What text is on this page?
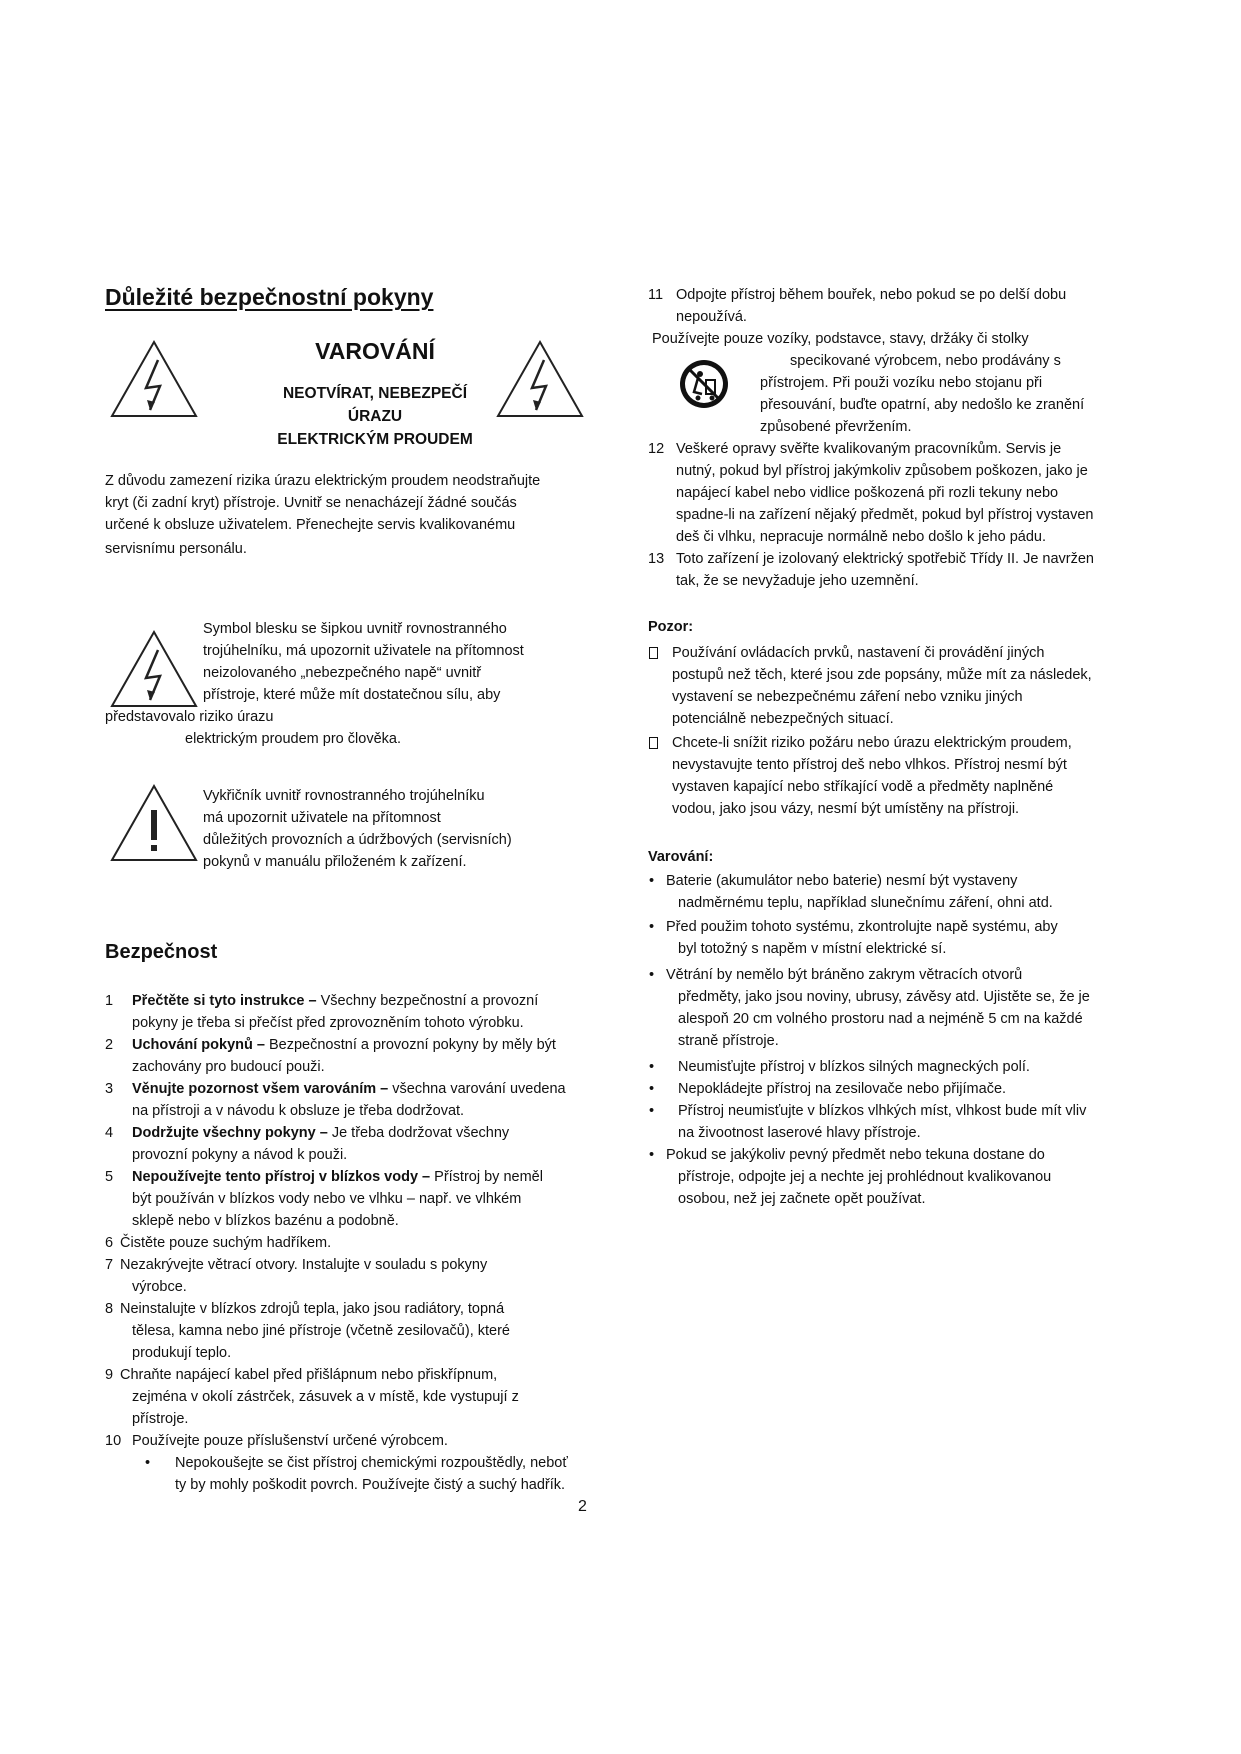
Důležité bezpečnostní pokyny
VAROVÁNÍ
NEOTVÍRAT, NEBEZPEČÍ
ÚRAZU
ELEKTRICKÝM PROUDEM
Z důvodu zamezení rizika úrazu elektrickým proudem neodstraňujte
kryt (či zadní kryt) přístroje. Uvnitř se nenacházejí žádné součás
určené k obsluze uživatelem. Přenechejte servis kvalikovanému
servisnímu personálu.
Symbol blesku se šipkou uvnitř rovnostranného
trojúhelníku, má upozornit uživatele na přítomnost
neizolovaného „nebezpečného napě“ uvnitř
přístroje, které může mít dostatečnou sílu, aby
představovalo riziko úrazu
elektrickým proudem pro člověka.
Vykřičník uvnitř rovnostranného trojúhelníku
má upozornit uživatele na přítomnost
důležitých provozních a údržbových (servisních)
pokynů v manuálu přiloženém k zařízení.
Bezpečnost
1 Přečtěte si tyto instrukce – Všechny bezpečnostní a provozní
pokyny je třeba si přečíst před zprovozněním tohoto výrobku.
2 Uchování pokynů – Bezpečnostní a provozní pokyny by měly být
zachovány pro budoucí použi.
3 Věnujte pozornost všem varováním – všechna varování uvedena
na přístroji a v návodu k obsluze je třeba dodržovat.
4 Dodržujte všechny pokyny – Je třeba dodržovat všechny
provozní pokyny a návod k použi.
5 Nepoužívejte tento přístroj v blízkos vody – Přístroj by neměl
být používán v blízkos vody nebo ve vlhku – např. ve vlhkém
sklepě nebo v blízkos bazénu a podobně.
6 Čistěte pouze suchým hadříkem.
7 Nezakrývejte větrací otvory. Instalujte v souladu s pokyny
výrobce.
8 Neinstalujte v blízkos zdrojů tepla, jako jsou radiátory, topná
tělesa, kamna nebo jiné přístroje (včetně zesilovačů), které
produkují teplo.
9 Chraňte napájecí kabel před přišlápnum nebo přiskřípnum,
zejména v okolí zástrček, zásuvek a v místě, kde vystupují z
přístroje.
10 Používejte pouze příslušenství určené výrobcem.
• Nepokoušejte se čist přístroj chemickými rozpouštědly, neboť
ty by mohly poškodit povrch. Používejte čistý a suchý hadřík.
2
11 Odpojte přístroj během bouřek, nebo pokud se po delší dobu
nepoužívá.
Používejte pouze vozíky, podstavce, stavy, držáky či stolky
specikované výrobcem, nebo prodávány s
přístrojem. Při použi vozíku nebo stojanu při
přesouvání, buďte opatrní, aby nedošlo ke zranění
způsobené převržením.
12 Veškeré opravy svěřte kvalikovaným pracovníkům. Servis je
nutný, pokud byl přístroj jakýmkoliv způsobem poškozen, jako je
napájecí kabel nebo vidlice poškozená při rozli tekuny nebo
spadne-li na zařízení nějaký předmět, pokud byl přístroj vystaven
deš či vlhku, nepracuje normálně nebo došlo k jeho pádu.
13 Toto zařízení je izolovaný elektrický spotřebič Třídy II. Je navržen
tak, že se nevyžaduje jeho uzemnění.
Pozor:
Používání ovládacích prvků, nastavení či provádění jiných
postupů než těch, které jsou zde popsány, může mít za následek,
vystavení se nebezpečnému záření nebo vzniku jiných
potenciálně nebezpečných situací.
Chcete-li snížit riziko požáru nebo úrazu elektrickým proudem,
nevystavujte tento přístroj deš nebo vlhkos. Přístroj nesmí být
vystaven kapající nebo stříkající vodě a předměty naplněné
vodou, jako jsou vázy, nesmí být umístěny na přístroji.
Varování:
• Baterie (akumulátor nebo baterie) nesmí být vystaveny
nadměrnému teplu, například slunečnímu záření, ohni atd.
• Před použim tohoto systému, zkontrolujte napě systému, aby
byl totožný s napěm v místní elektrické sí.
• Větrání by nemělo být bráněno zakrym větracích otvorů
předměty, jako jsou noviny, ubrusy, závěsy atd. Ujistěte se, že je
alespoň 20 cm volného prostoru nad a nejméně 5 cm na každé
straně přístroje.
• Neumisťujte přístroj v blízkos silných magneckých polí.
• Nepokládejte přístroj na zesilovače nebo přijímače.
• Přístroj neumisťujte v blízkos vlhkých míst, vlhkost bude mít vliv
na živootnost laserové hlavy přístroje.
• Pokud se jakýkoliv pevný předmět nebo tekuna dostane do
přístroje, odpojte jej a nechte jej prohlédnout kvalikovanou
osobou, než jej začnete opět používat.
